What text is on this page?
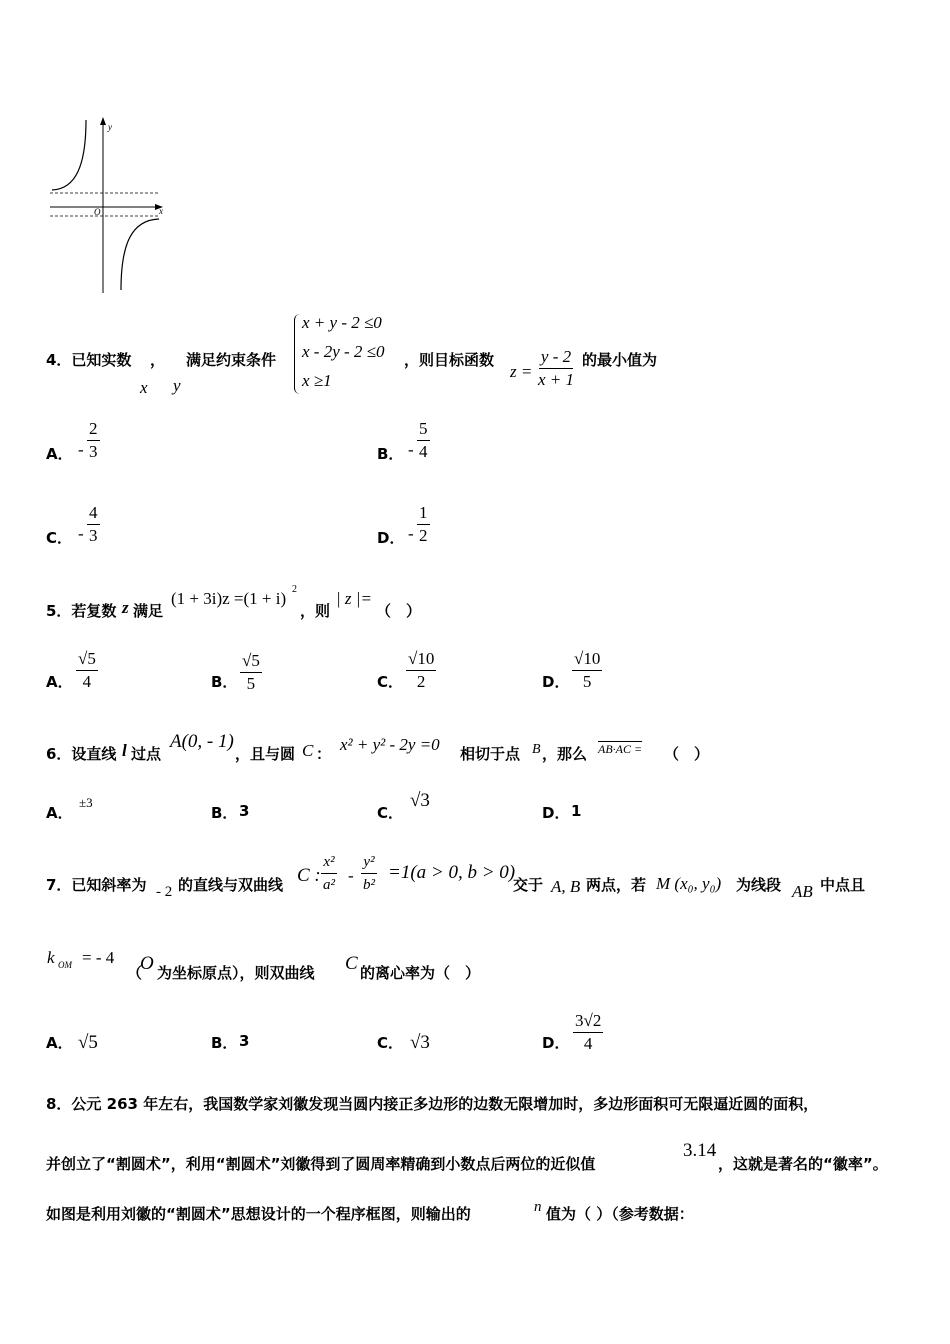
y
x
O
4．已知实数 ， 满足约束条件
x y
x + y - 2 ≤0
x - 2y - 2 ≤0
x ≥1
，则目标函数
$z = \frac{y - 2}{x + 1}$ 的最小值为
A． - $\frac{2}{3}$	B． - $\frac{5}{4}$
C． - $\frac{4}{3}$	D． - $\frac{1}{2}$
5．若复数 z 满足
(1 + 3i)z =(1 + i) 2
，则
| z |=
（　）
A． $\frac{√5}{4}$	B． $\frac{√5}{5}$	C． $\frac{√10}{2}$	D． $\frac{√10}{5}$
6．设直线 l 过点
A(0, - 1)
，且与圆 C ： x² + y² - 2y =0 相切于点 B ，那么 AB·AC = （　）
A．
±3
B． 3	C．
√3
D． 1
7．已知斜率为 - 2 的直线与双曲线 C : $\frac{\text{x²}}{\text{a²}} - \frac{\text{y²}}{\text{b²}} =1(a > 0$, b > 0)
交于 A, B 两点，若 M (x₀, y₀) 为线段 AB 中点且
k OM = - 4
（
O 为坐标原点），则双曲线 C 的离心率为（　）
A． √5	B． 3	C． √3	D． $\frac{3√2}{4}$
8．公元 263 年左右，我国数学家刘徽发现当圆内接正多边形的边数无限增加时，多边形面积可无限逼近圆的面积，
并创立了“割圆术”，利用“割圆术”刘徽得到了圆周率精确到小数点后两位的近似值
3.14
，这就是著名的“徽率”。
如图是利用刘徽的“割圆术”思想设计的一个程序框图，则输出的	n 值为（ ）（参考数据：
